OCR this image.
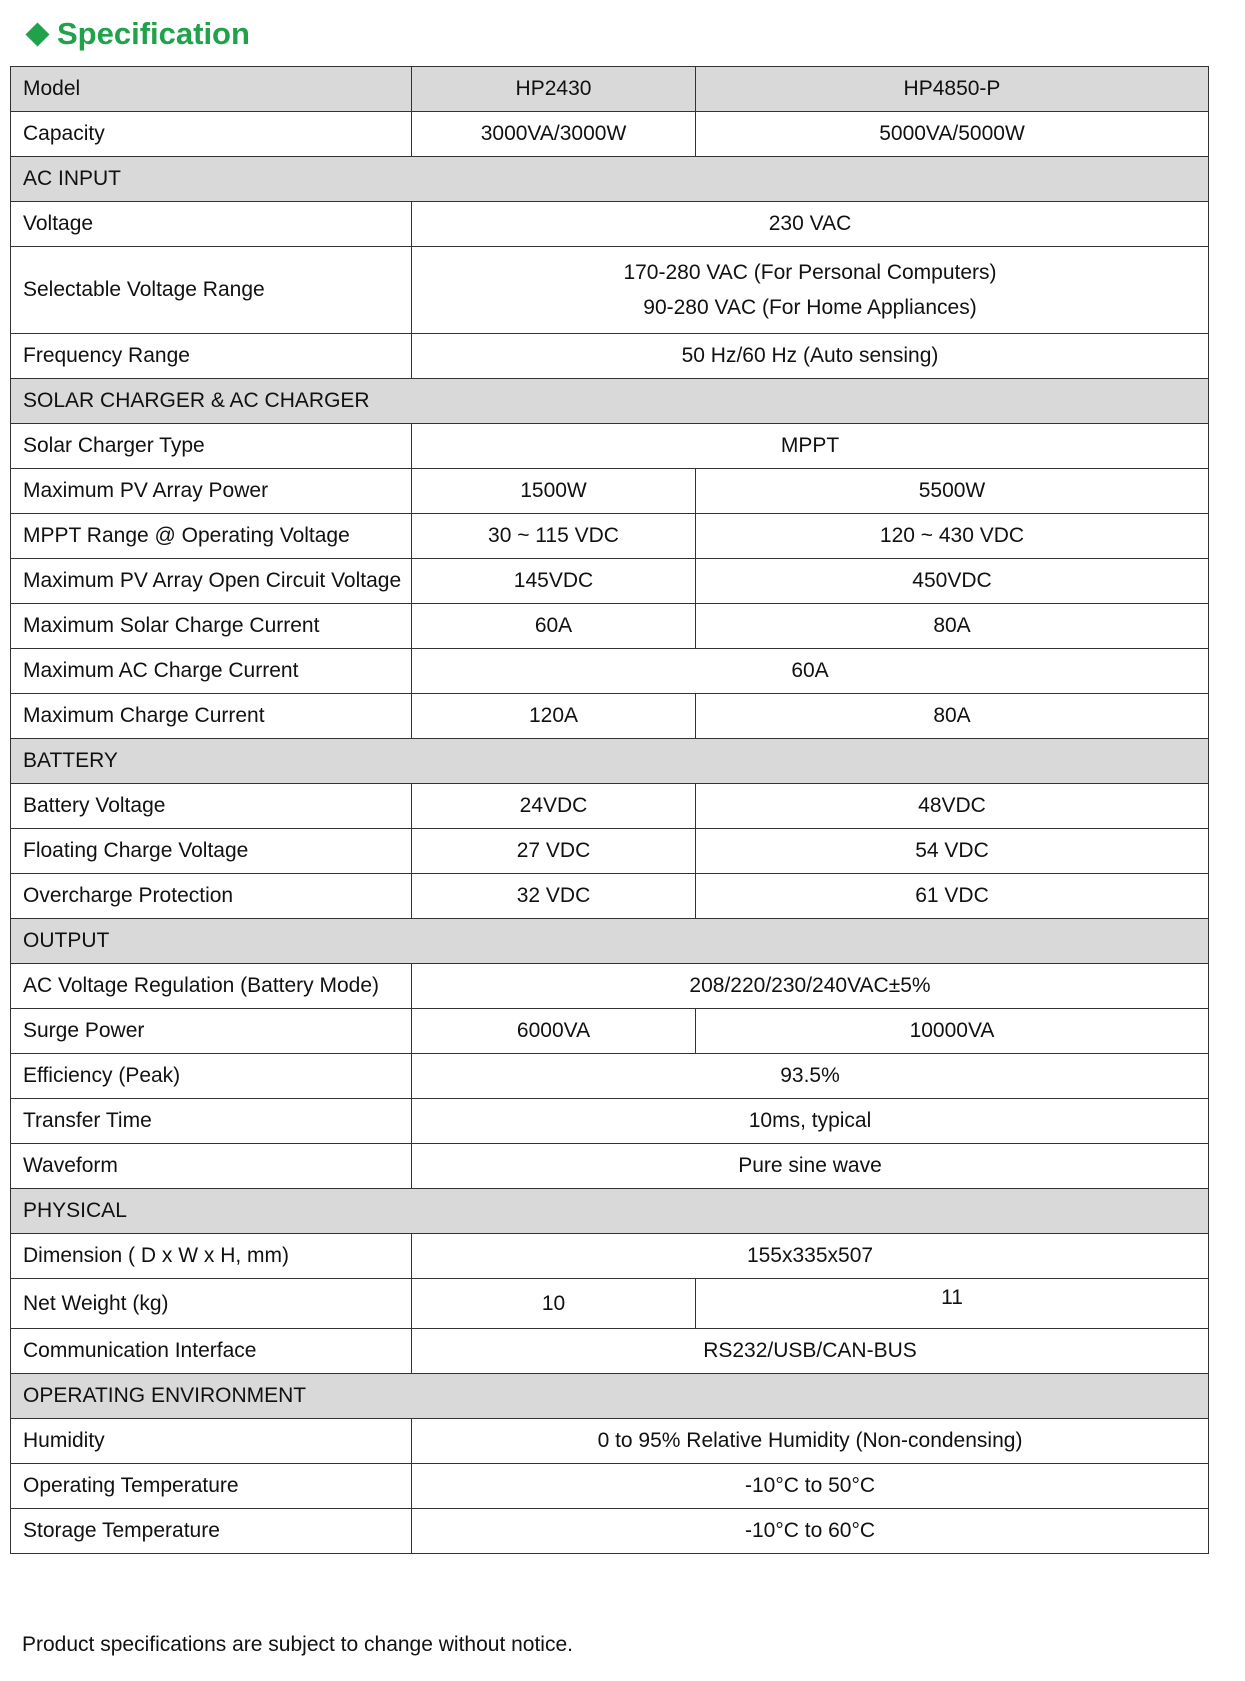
Specification
Model	HP2430	HP4850-P
Capacity	3000VA/3000W	5000VA/5000W
AC INPUT		
Voltage	230 VAC	
Selectable Voltage Range	170-280 VAC (For Personal Computers)
90-280 VAC (For Home Appliances)	

Frequency Range	50 Hz/60 Hz (Auto sensing)	
SOLAR CHARGER & AC CHARGER		
Solar Charger Type	MPPT	
Maximum PV Array Power	1500W	5500W
MPPT Range @ Operating Voltage	30 ~ 115 VDC	120 ~ 430 VDC
Maximum PV Array Open Circuit Voltage	145VDC	450VDC
Maximum Solar Charge Current	60A	80A
Maximum AC Charge Current	60A	
Maximum Charge Current	120A	80A
BATTERY		
Battery Voltage	24VDC	48VDC
Floating Charge Voltage	27 VDC	54 VDC
Overcharge Protection	32 VDC	61 VDC
OUTPUT		
AC Voltage Regulation (Battery Mode)	208/220/230/240VAC±5%	
Surge Power	6000VA	10000VA
Efficiency (Peak)	93.5%	
Transfer Time	10ms, typical	
Waveform	Pure sine wave	
PHYSICAL		
Dimension ( D x W x H, mm)	155x335x507	
Net Weight (kg)	10	11
Communication Interface	RS232/USB/CAN-BUS	
OPERATING ENVIRONMENT		
Humidity	0 to 95% Relative Humidity (Non-condensing)	
Operating Temperature	-10°C to 50°C	
Storage Temperature	-10°C to 60°C	
Product specifications are subject to change without notice.
